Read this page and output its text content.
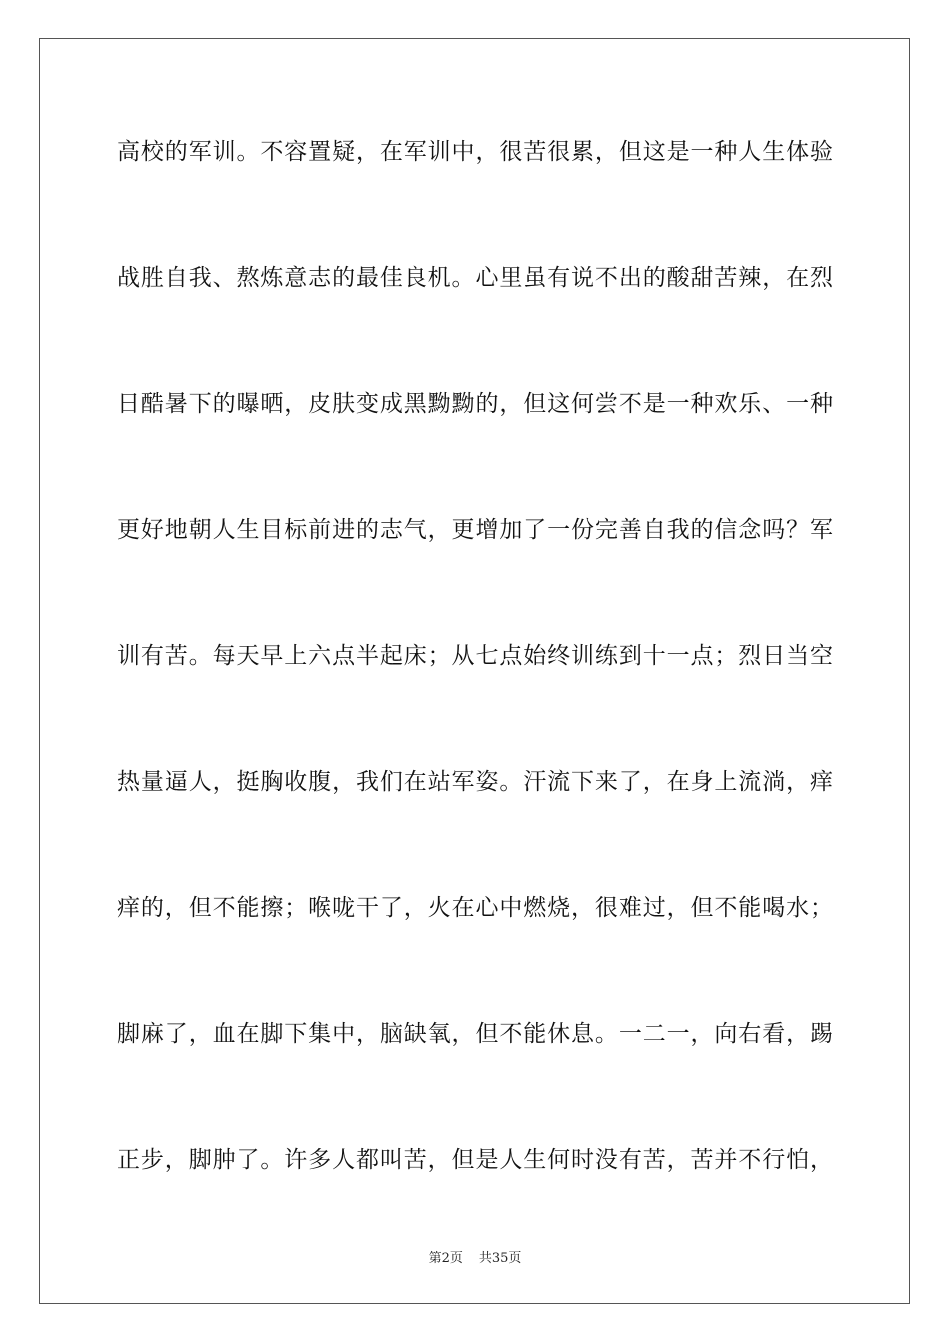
高校的军训。不容置疑，在军训中，很苦很累，但这是一种人生体验
战胜自我、熬炼意志的最佳良机。心里虽有说不出的酸甜苦辣，在烈
日酷暑下的曝晒，皮肤变成黑黝黝的，但这何尝不是一种欢乐、一种
更好地朝人生目标前进的志气，更增加了一份完善自我的信念吗？军
训有苦。每天早上六点半起床；从七点始终训练到十一点；烈日当空
热量逼人，挺胸收腹，我们在站军姿。汗流下来了，在身上流淌，痒
痒的，但不能擦；喉咙干了，火在心中燃烧，很难过，但不能喝水；
脚麻了，血在脚下集中，脑缺氧，但不能休息。一二一，向右看，踢
正步，脚肿了。许多人都叫苦，但是人生何时没有苦，苦并不行怕，
第2页 共35页
